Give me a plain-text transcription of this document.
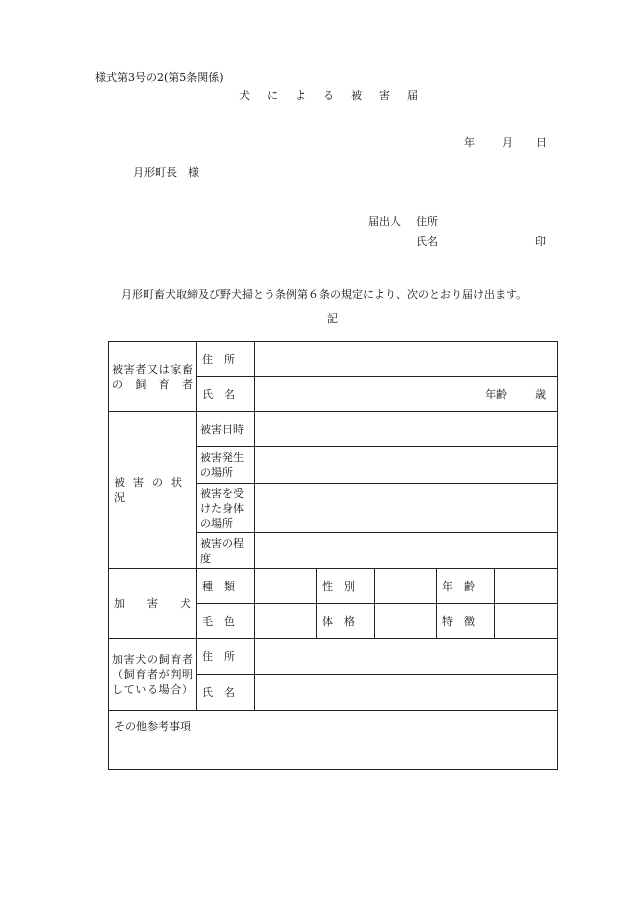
様式第3号の2(第5条関係)
犬による被害届
年 月 日
月形町長　様
届出人 住所
氏名	印
月形町畜犬取締及び野犬掃とう条例第６条の規定により、次のとおり届け出ます。
記
被害者又は家畜の飼育者	住　所					
	氏　名	年齢 歳				

被害の状況	被害日時					
	被害発生の場所					
	被害を受けた身体の場所					
	被害の程度					
加　　害　　犬	種　類		性　別		年　齢	
	毛　色		体　格		特　徴	
加害犬の飼育者（飼育者が判明している場合）	住　所					
	氏　名					
その他参考事項						
